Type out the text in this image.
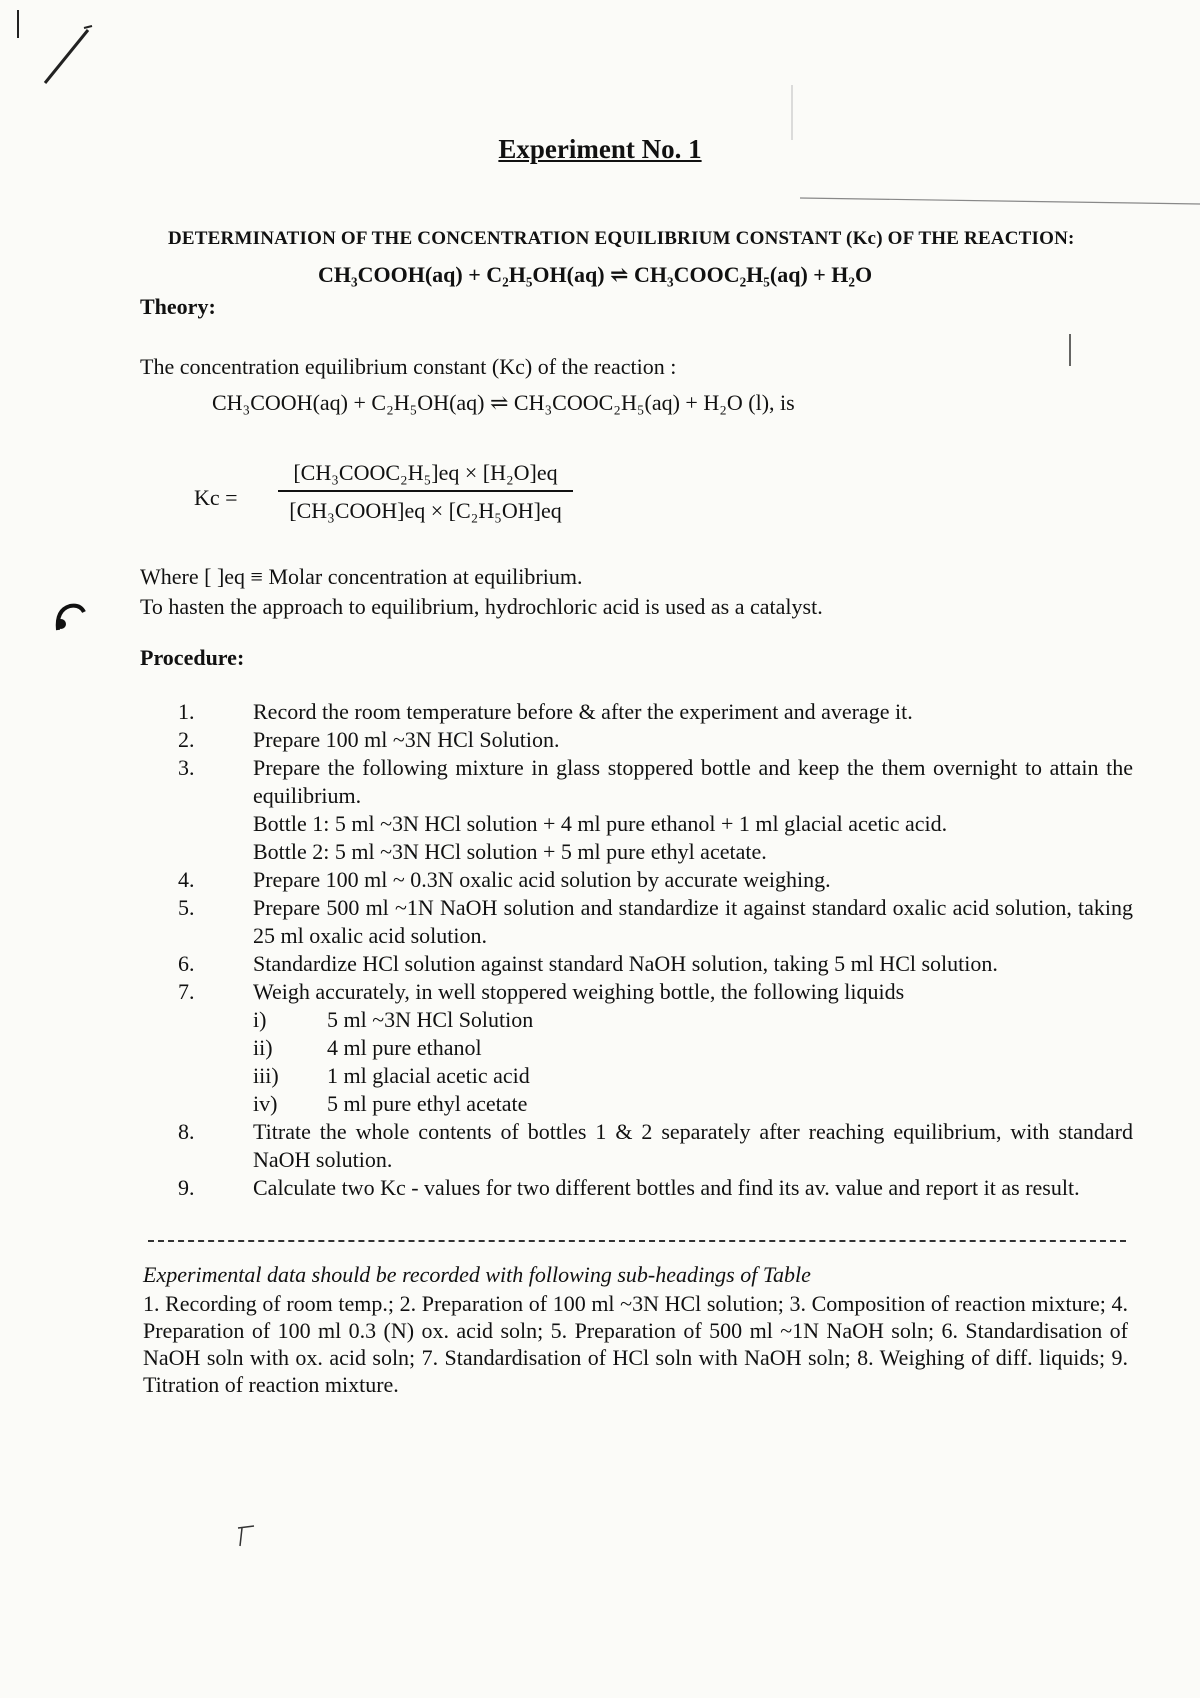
Experiment No. 1
DETERMINATION OF THE CONCENTRATION EQUILIBRIUM CONSTANT (Kc) OF THE REACTION:
CH₃COOH(aq) + C₂H₅OH(aq) ⇌ CH₃COOC₂H₅(aq) + H₂O
Theory:
The concentration equilibrium constant (Kc) of the reaction :
CH₃COOH(aq) + C₂H₅OH(aq) ⇌ CH₃COOC₂H₅(aq) + H₂O (l), is
Kc =
[CH₃COOC₂H₅]eq × [H₂O]eq
[CH₃COOH]eq × [C₂H₅OH]eq
Where [ ]eq ≡ Molar concentration at equilibrium.
To hasten the approach to equilibrium, hydrochloric acid is used as a catalyst.
Procedure:
1.	Record the room temperature before & after the experiment and average it.
2.	Prepare 100 ml ~3N HCl Solution.
3.	Prepare the following mixture in glass stoppered bottle and keep the them overnight to attain the equilibrium.
Bottle 1: 5 ml ~3N HCl solution + 4 ml pure ethanol + 1 ml glacial acetic acid.
Bottle 2: 5 ml ~3N HCl solution + 5 ml pure ethyl acetate.
4.	Prepare 100 ml ~ 0.3N oxalic acid solution by accurate weighing.
5.	Prepare 500 ml ~1N NaOH solution and standardize it against standard oxalic acid solution, taking 25 ml oxalic acid solution.
6.	Standardize HCl solution against standard NaOH solution, taking 5 ml HCl solution.
7.	Weigh accurately, in well stoppered weighing bottle, the following liquids
i)	5 ml ~3N HCl Solution
ii) 4 ml pure ethanol
iii) 1 ml glacial acetic acid
iv) 5 ml pure ethyl acetate
8.	Titrate the whole contents of bottles 1 & 2 separately after reaching equilibrium, with standard NaOH solution.
9.	Calculate two Kc - values for two different bottles and find its av. value and report it as result.
Experimental data should be recorded with following sub-headings of Table
1. Recording of room temp.; 2. Preparation of 100 ml ~3N HCl solution; 3. Composition of reaction mixture; 4. Preparation of 100 ml 0.3 (N) ox. acid soln; 5. Preparation of 500 ml ~1N NaOH soln; 6. Standardisation of NaOH soln with ox. acid soln; 7. Standardisation of HCl soln with NaOH soln; 8. Weighing of diff. liquids; 9. Titration of reaction mixture.
